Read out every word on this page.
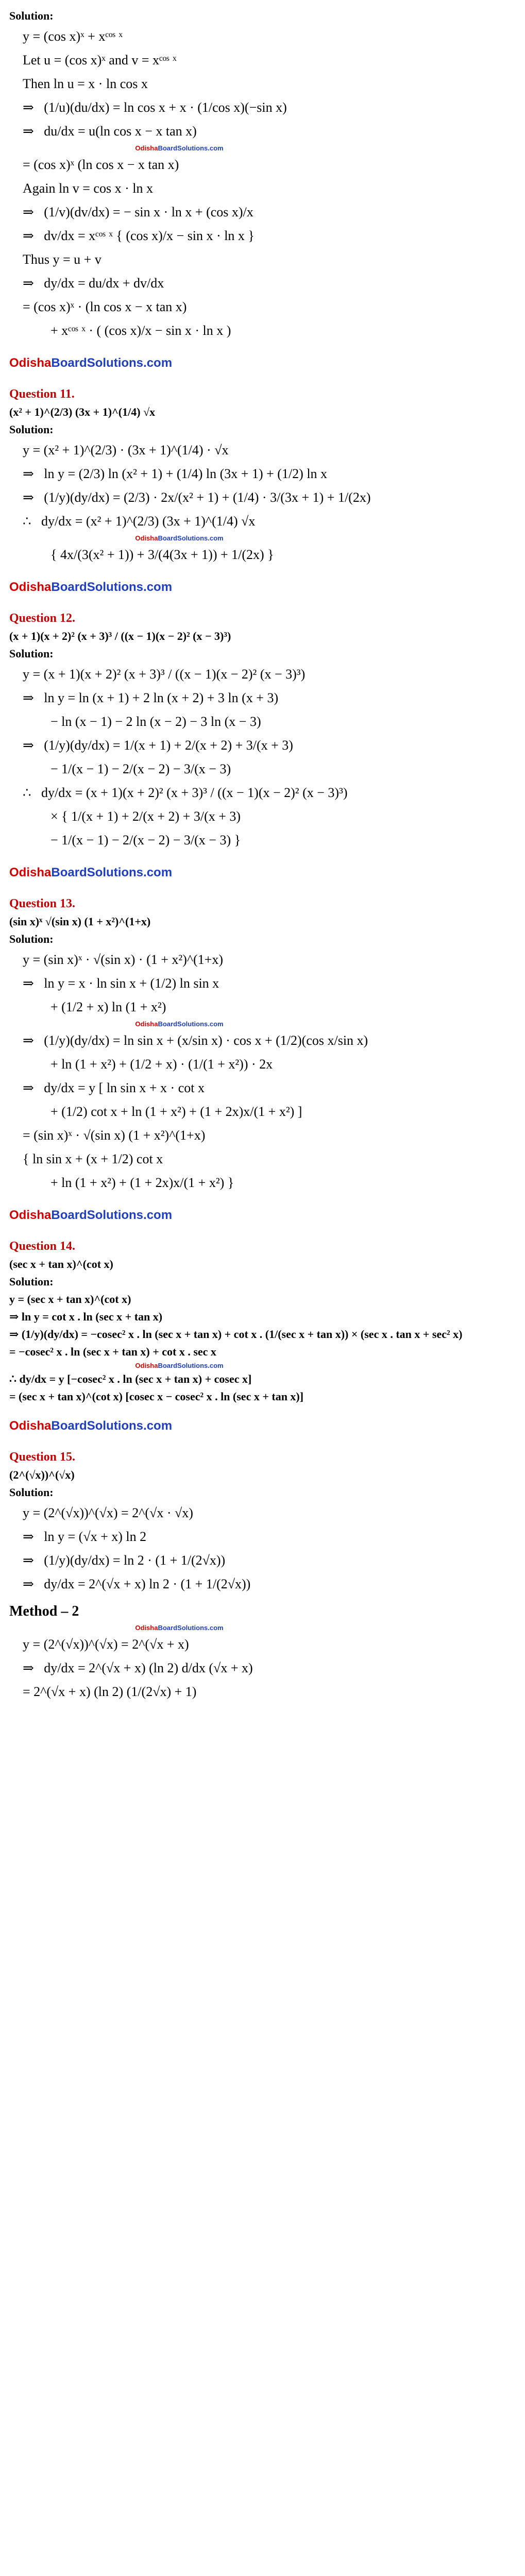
Solution:
y = (cos x)ˣ + xᶜᵒˢ ˣ
Let u = (cos x)ˣ and v = xᶜᵒˢ ˣ
Then ln u = x · ln cos x
⇒   (1/u)(du/dx) = ln cos x + x · (1/cos x)(−sin x)
⇒   du/dx = u(ln cos x − x tan x)
OdishaBoardSolutions.com
= (cos x)ˣ (ln cos x − x tan x)
Again ln v = cos x · ln x
⇒   (1/v)(dv/dx) = − sin x · ln x + (cos x)/x
⇒   dv/dx = xᶜᵒˢ ˣ { (cos x)/x − sin x · ln x }
Thus y = u + v
⇒   dy/dx = du/dx + dv/dx
= (cos x)ˣ · (ln cos x − x tan x)
+ xᶜᵒˢ ˣ · ( (cos x)/x − sin x · ln x )
OdishaBoardSolutions.com
Question 11.
(x² + 1)^(2/3) (3x + 1)^(1/4) √x
Solution:
y = (x² + 1)^(2/3) · (3x + 1)^(1/4) · √x
⇒   ln y = (2/3) ln (x² + 1) + (1/4) ln (3x + 1) + (1/2) ln x
⇒   (1/y)(dy/dx) = (2/3) · 2x/(x² + 1) + (1/4) · 3/(3x + 1) + 1/(2x)
∴   dy/dx = (x² + 1)^(2/3) (3x + 1)^(1/4) √x
OdishaBoardSolutions.com
{ 4x/(3(x² + 1)) + 3/(4(3x + 1)) + 1/(2x) }
OdishaBoardSolutions.com
Question 12.
(x + 1)(x + 2)² (x + 3)³ / ((x − 1)(x − 2)² (x − 3)³)
Solution:
y = (x + 1)(x + 2)² (x + 3)³ / ((x − 1)(x − 2)² (x − 3)³)
⇒   ln y = ln (x + 1) + 2 ln (x + 2) + 3 ln (x + 3)
− ln (x − 1) − 2 ln (x − 2) − 3 ln (x − 3)
⇒   (1/y)(dy/dx) = 1/(x + 1) + 2/(x + 2) + 3/(x + 3)
− 1/(x − 1) − 2/(x − 2) − 3/(x − 3)
∴   dy/dx = (x + 1)(x + 2)² (x + 3)³ / ((x − 1)(x − 2)² (x − 3)³)
× { 1/(x + 1) + 2/(x + 2) + 3/(x + 3)
− 1/(x − 1) − 2/(x − 2) − 3/(x − 3) }
OdishaBoardSolutions.com
Question 13.
(sin x)ˣ √(sin x) (1 + x²)^(1+x)
Solution:
y = (sin x)ˣ · √(sin x) · (1 + x²)^(1+x)
⇒   ln y = x · ln sin x + (1/2) ln sin x
+ (1/2 + x) ln (1 + x²)
OdishaBoardSolutions.com
⇒   (1/y)(dy/dx) = ln sin x + (x/sin x) · cos x + (1/2)(cos x/sin x)
+ ln (1 + x²) + (1/2 + x) · (1/(1 + x²)) · 2x
⇒   dy/dx = y [ ln sin x + x · cot x
+ (1/2) cot x + ln (1 + x²) + (1 + 2x)x/(1 + x²) ]
= (sin x)ˣ · √(sin x) (1 + x²)^(1+x)
{ ln sin x + (x + 1/2) cot x
+ ln (1 + x²) + (1 + 2x)x/(1 + x²) }
OdishaBoardSolutions.com
Question 14.
(sec x + tan x)^(cot x)
Solution:
y = (sec x + tan x)^(cot x)
⇒ ln y = cot x . ln (sec x + tan x)
⇒ (1/y)(dy/dx) = −cosec² x . ln (sec x + tan x) + cot x . (1/(sec x + tan x)) × (sec x . tan x + sec² x)
= −cosec² x . ln (sec x + tan x) + cot x . sec x
OdishaBoardSolutions.com
∴ dy/dx = y [−cosec² x . ln (sec x + tan x) + cosec x]
= (sec x + tan x)^(cot x) [cosec x − cosec² x . ln (sec x + tan x)]
OdishaBoardSolutions.com
Question 15.
(2^(√x))^(√x)
Solution:
y = (2^(√x))^(√x) = 2^(√x · √x)
⇒   ln y = (√x + x) ln 2
⇒   (1/y)(dy/dx) = ln 2 · (1 + 1/(2√x))
⇒   dy/dx = 2^(√x + x) ln 2 · (1 + 1/(2√x))
Method – 2
OdishaBoardSolutions.com
y = (2^(√x))^(√x) = 2^(√x + x)
⇒   dy/dx = 2^(√x + x) (ln 2) d/dx (√x + x)
= 2^(√x + x) (ln 2) (1/(2√x) + 1)
